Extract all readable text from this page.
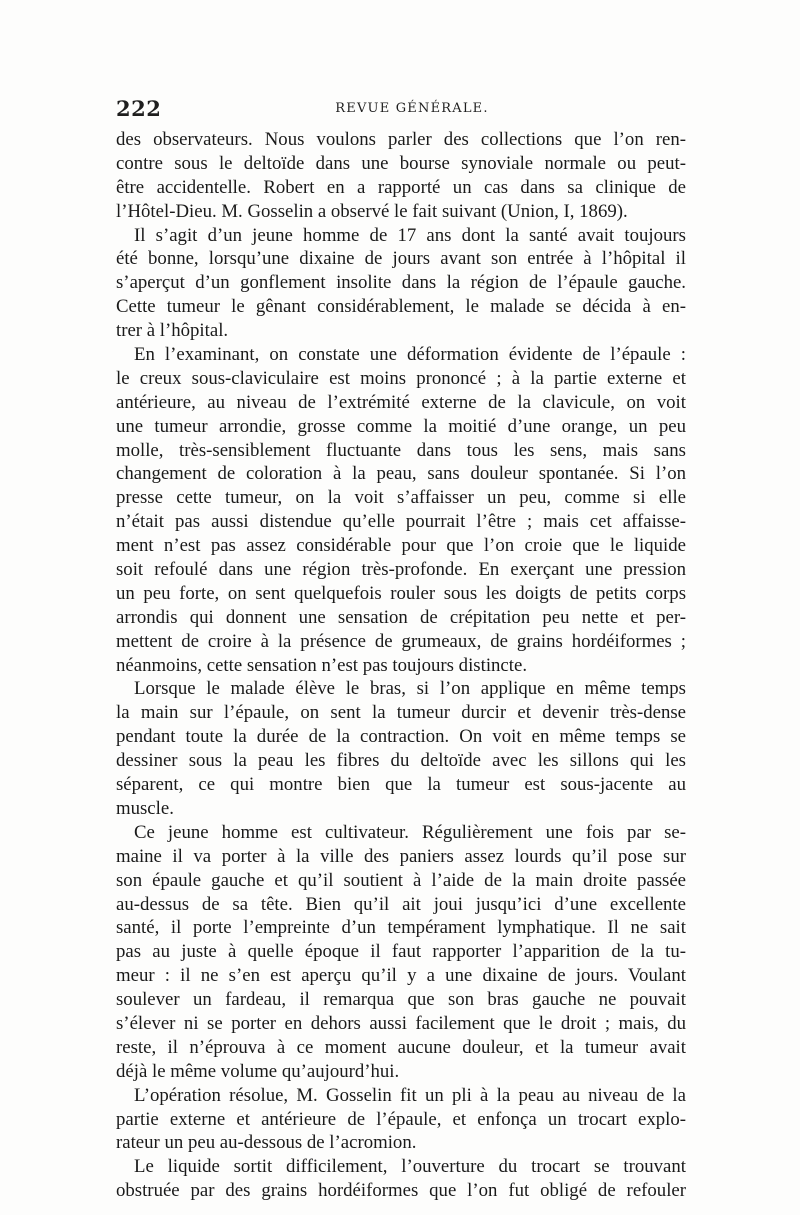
222	REVUE GÉNÉRALE.
des observateurs. Nous voulons parler des collections que l’on ren-
contre sous le deltoïde dans une bourse synoviale normale ou peut-
être accidentelle. Robert en a rapporté un cas dans sa clinique de
l’Hôtel-Dieu. M. Gosselin a observé le fait suivant (Union, I, 1869).
Il s’agit d’un jeune homme de 17 ans dont la santé avait toujours
été bonne, lorsqu’une dixaine de jours avant son entrée à l’hôpital il
s’aperçut d’un gonflement insolite dans la région de l’épaule gauche.
Cette tumeur le gênant considérablement, le malade se décida à en-
trer à l’hôpital.
En l’examinant, on constate une déformation évidente de l’épaule :
le creux sous-claviculaire est moins prononcé ; à la partie externe et
antérieure, au niveau de l’extrémité externe de la clavicule, on voit
une tumeur arrondie, grosse comme la moitié d’une orange, un peu
molle, très-sensiblement fluctuante dans tous les sens, mais sans
changement de coloration à la peau, sans douleur spontanée. Si l’on
presse cette tumeur, on la voit s’affaisser un peu, comme si elle
n’était pas aussi distendue qu’elle pourrait l’être ; mais cet affaisse-
ment n’est pas assez considérable pour que l’on croie que le liquide
soit refoulé dans une région très-profonde. En exerçant une pression
un peu forte, on sent quelquefois rouler sous les doigts de petits corps
arrondis qui donnent une sensation de crépitation peu nette et per-
mettent de croire à la présence de grumeaux, de grains hordéiformes ;
néanmoins, cette sensation n’est pas toujours distincte.
Lorsque le malade élève le bras, si l’on applique en même temps
la main sur l’épaule, on sent la tumeur durcir et devenir très-dense
pendant toute la durée de la contraction. On voit en même temps se
dessiner sous la peau les fibres du deltoïde avec les sillons qui les
séparent, ce qui montre bien que la tumeur est sous-jacente au
muscle.
Ce jeune homme est cultivateur. Régulièrement une fois par se-
maine il va porter à la ville des paniers assez lourds qu’il pose sur
son épaule gauche et qu’il soutient à l’aide de la main droite passée
au-dessus de sa tête. Bien qu’il ait joui jusqu’ici d’une excellente
santé, il porte l’empreinte d’un tempérament lymphatique. Il ne sait
pas au juste à quelle époque il faut rapporter l’apparition de la tu-
meur : il ne s’en est aperçu qu’il y a une dixaine de jours. Voulant
soulever un fardeau, il remarqua que son bras gauche ne pouvait
s’élever ni se porter en dehors aussi facilement que le droit ; mais, du
reste, il n’éprouva à ce moment aucune douleur, et la tumeur avait
déjà le même volume qu’aujourd’hui.
L’opération résolue, M. Gosselin fit un pli à la peau au niveau de la
partie externe et antérieure de l’épaule, et enfonça un trocart explo-
rateur un peu au-dessous de l’acromion.
Le liquide sortit difficilement, l’ouverture du trocart se trouvant
obstruée par des grains hordéiformes que l’on fut obligé de refouler
